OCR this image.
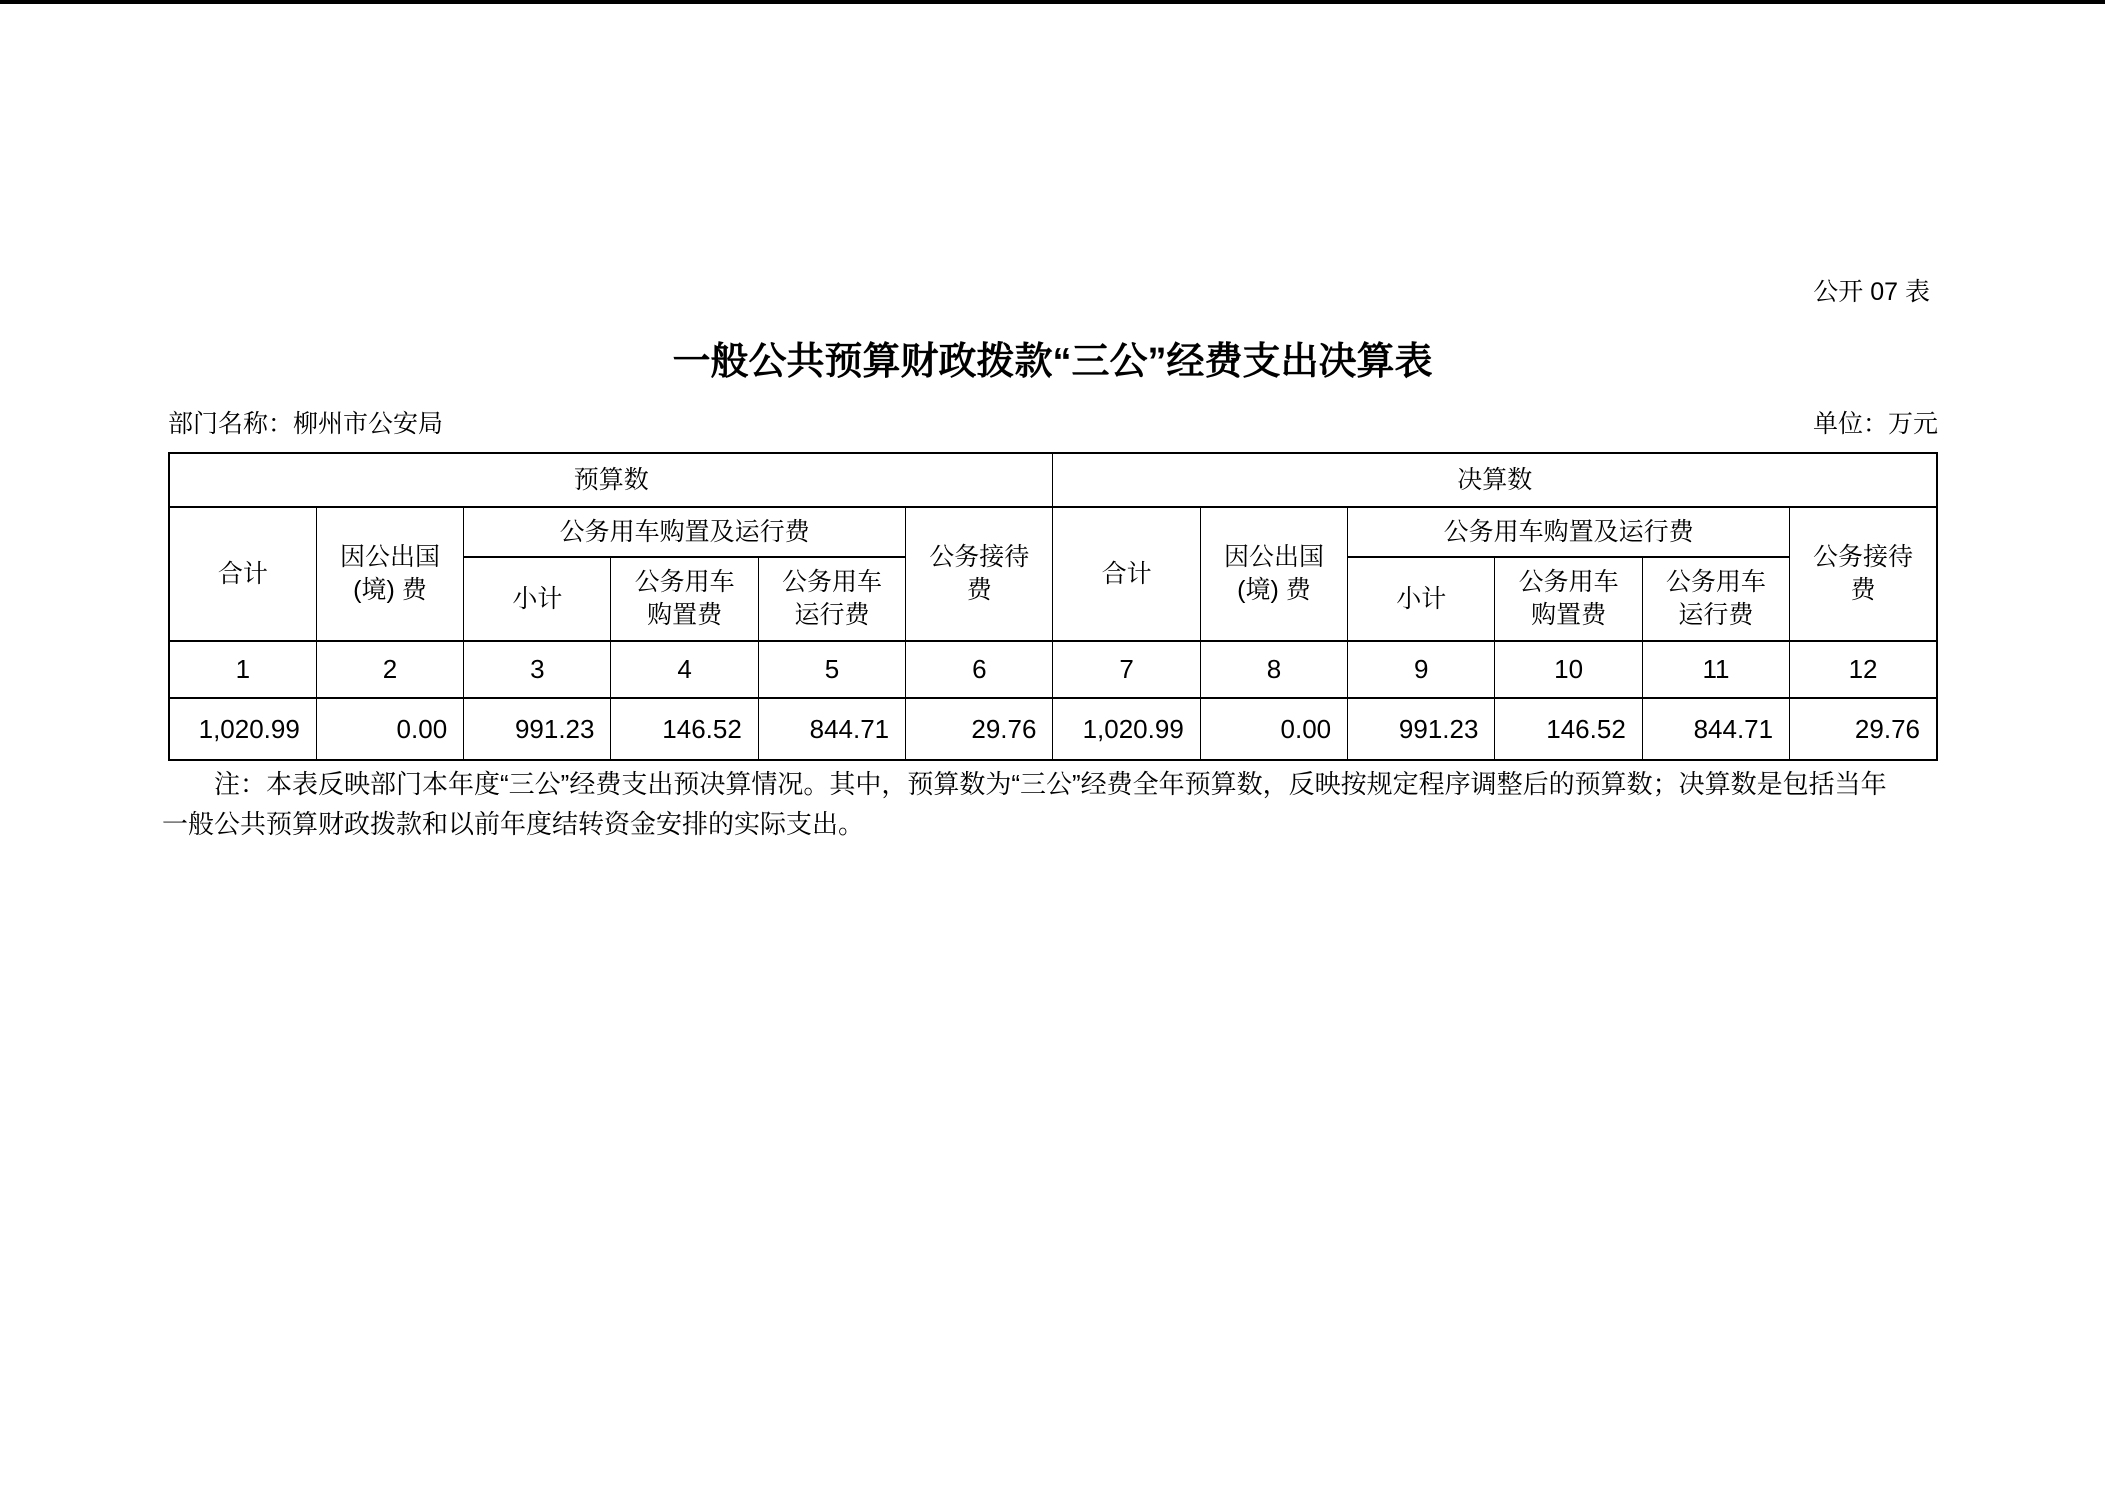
公开 07 表
一般公共预算财政拨款“三公”经费支出决算表
部门名称：柳州市公安局	单位：万元
预算数						决算数					
合计	因公出国(境) 费	公务用车购置及运行费			公务接待费	合计	因公出国(境) 费	公务用车购置及运行费			公务接待费
		小计	公务用车购置费	公务用车运行费				小计	公务用车购置费	公务用车运行费	
1	2	3	4	5	6	7	8	9	10	11	12
1,020.99	0.00	991.23	146.52	844.71	29.76	1,020.99	0.00	991.23	146.52	844.71	29.76
注：本表反映部门本年度“三公”经费支出预决算情况。其中，预算数为“三公”经费全年预算数，反映按规定程序调整后的预算数；决算数是包括当年一般公共预算财政拨款和以前年度结转资金安排的实际支出。
